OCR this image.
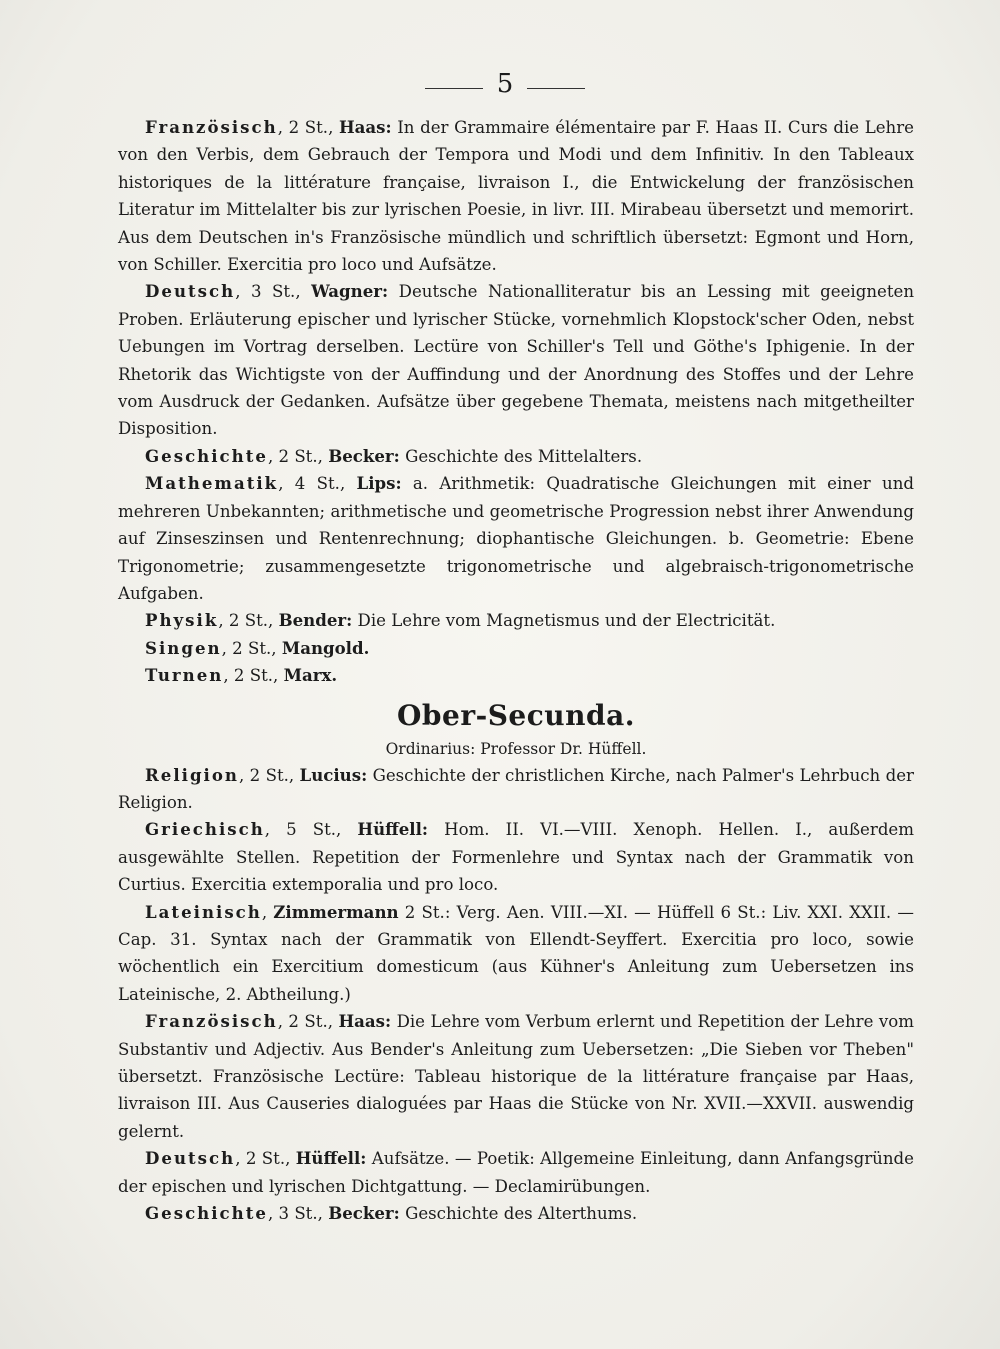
5

Französisch, 2 St., Haas: In der Grammaire élémentaire par F. Haas II. Curs die Lehre von den Verbis, dem Gebrauch der Tempora und Modi und dem Infinitiv. In den Tableaux historiques de la littérature française, livraison I., die Entwickelung der französischen Literatur im Mittelalter bis zur lyrischen Poesie, in livr. III. Mirabeau übersetzt und memorirt. Aus dem Deutschen in's Französische mündlich und schriftlich übersetzt: Egmont und Horn, von Schiller. Exercitia pro loco und Aufsätze.

Deutsch, 3 St., Wagner: Deutsche Nationalliteratur bis an Lessing mit geeigneten Proben. Erläuterung epischer und lyrischer Stücke, vornehmlich Klopstock'scher Oden, nebst Uebungen im Vortrag derselben. Lectüre von Schiller's Tell und Göthe's Iphigenie. In der Rhetorik das Wichtigste von der Auffindung und der Anordnung des Stoffes und der Lehre vom Ausdruck der Gedanken. Aufsätze über gegebene Themata, meistens nach mitgetheilter Disposition.

Geschichte, 2 St., Becker: Geschichte des Mittelalters.

Mathematik, 4 St., Lips: a. Arithmetik: Quadratische Gleichungen mit einer und mehreren Unbekannten; arithmetische und geometrische Progression nebst ihrer Anwendung auf Zinseszinsen und Rentenrechnung; diophantische Gleichungen. b. Geometrie: Ebene Trigonometrie; zusammengesetzte trigonometrische und algebraisch-trigonometrische Aufgaben.

Physik, 2 St., Bender: Die Lehre vom Magnetismus und der Electricität.

Singen, 2 St., Mangold.

Turnen, 2 St., Marx.

Ober-Secunda.
Ordinarius: Professor Dr. Hüffell.

Religion, 2 St., Lucius: Geschichte der christlichen Kirche, nach Palmer's Lehrbuch der Religion.

Griechisch, 5 St., Hüffell: Hom. II. VI.—VIII. Xenoph. Hellen. I., außerdem ausgewählte Stellen. Repetition der Formenlehre und Syntax nach der Grammatik von Curtius. Exercitia extemporalia und pro loco.

Lateinisch, Zimmermann 2 St.: Verg. Aen. VIII.—XI. — Hüffell 6 St.: Liv. XXI. XXII. — Cap. 31. Syntax nach der Grammatik von Ellendt-Seyffert. Exercitia pro loco, sowie wöchentlich ein Exercitium domesticum (aus Kühner's Anleitung zum Uebersetzen ins Lateinische, 2. Abtheilung.)

Französisch, 2 St., Haas: Die Lehre vom Verbum erlernt und Repetition der Lehre vom Substantiv und Adjectiv. Aus Bender's Anleitung zum Uebersetzen: „Die Sieben vor Theben" übersetzt. Französische Lectüre: Tableau historique de la littérature française par Haas, livraison III. Aus Causeries dialoguées par Haas die Stücke von Nr. XVII.—XXVII. auswendig gelernt.

Deutsch, 2 St., Hüffell: Aufsätze. — Poetik: Allgemeine Einleitung, dann Anfangsgründe der epischen und lyrischen Dichtgattung. — Declamirübungen.

Geschichte, 3 St., Becker: Geschichte des Alterthums.
